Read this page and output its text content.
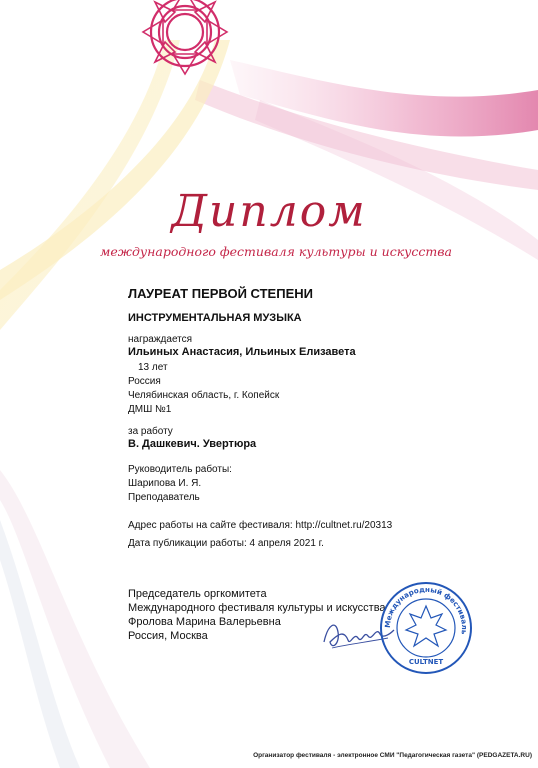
Диплом
международного фестиваля культуры и искусства
ЛАУРЕАТ ПЕРВОЙ СТЕПЕНИ
ИНСТРУМЕНТАЛЬНАЯ МУЗЫКА
награждается
Ильиных Анастасия, Ильиных Елизавета
13 лет
Россия
Челябинская область, г. Копейск
ДМШ №1
за работу
В. Дашкевич. Увертюра
Руководитель работы:
Шарипова И. Я.
Преподаватель
Адрес работы на сайте фестиваля: http://cultnet.ru/20313
Дата публикации работы: 4 апреля 2021 г.
Председатель оргкомитета
Международного фестиваля культуры и искусства
Фролова Марина Валерьевна
Россия, Москва
Международный фестиваль
CULTNET
Организатор фестиваля - электронное СМИ "Педагогическая газета" (PEDGAZETA.RU)
